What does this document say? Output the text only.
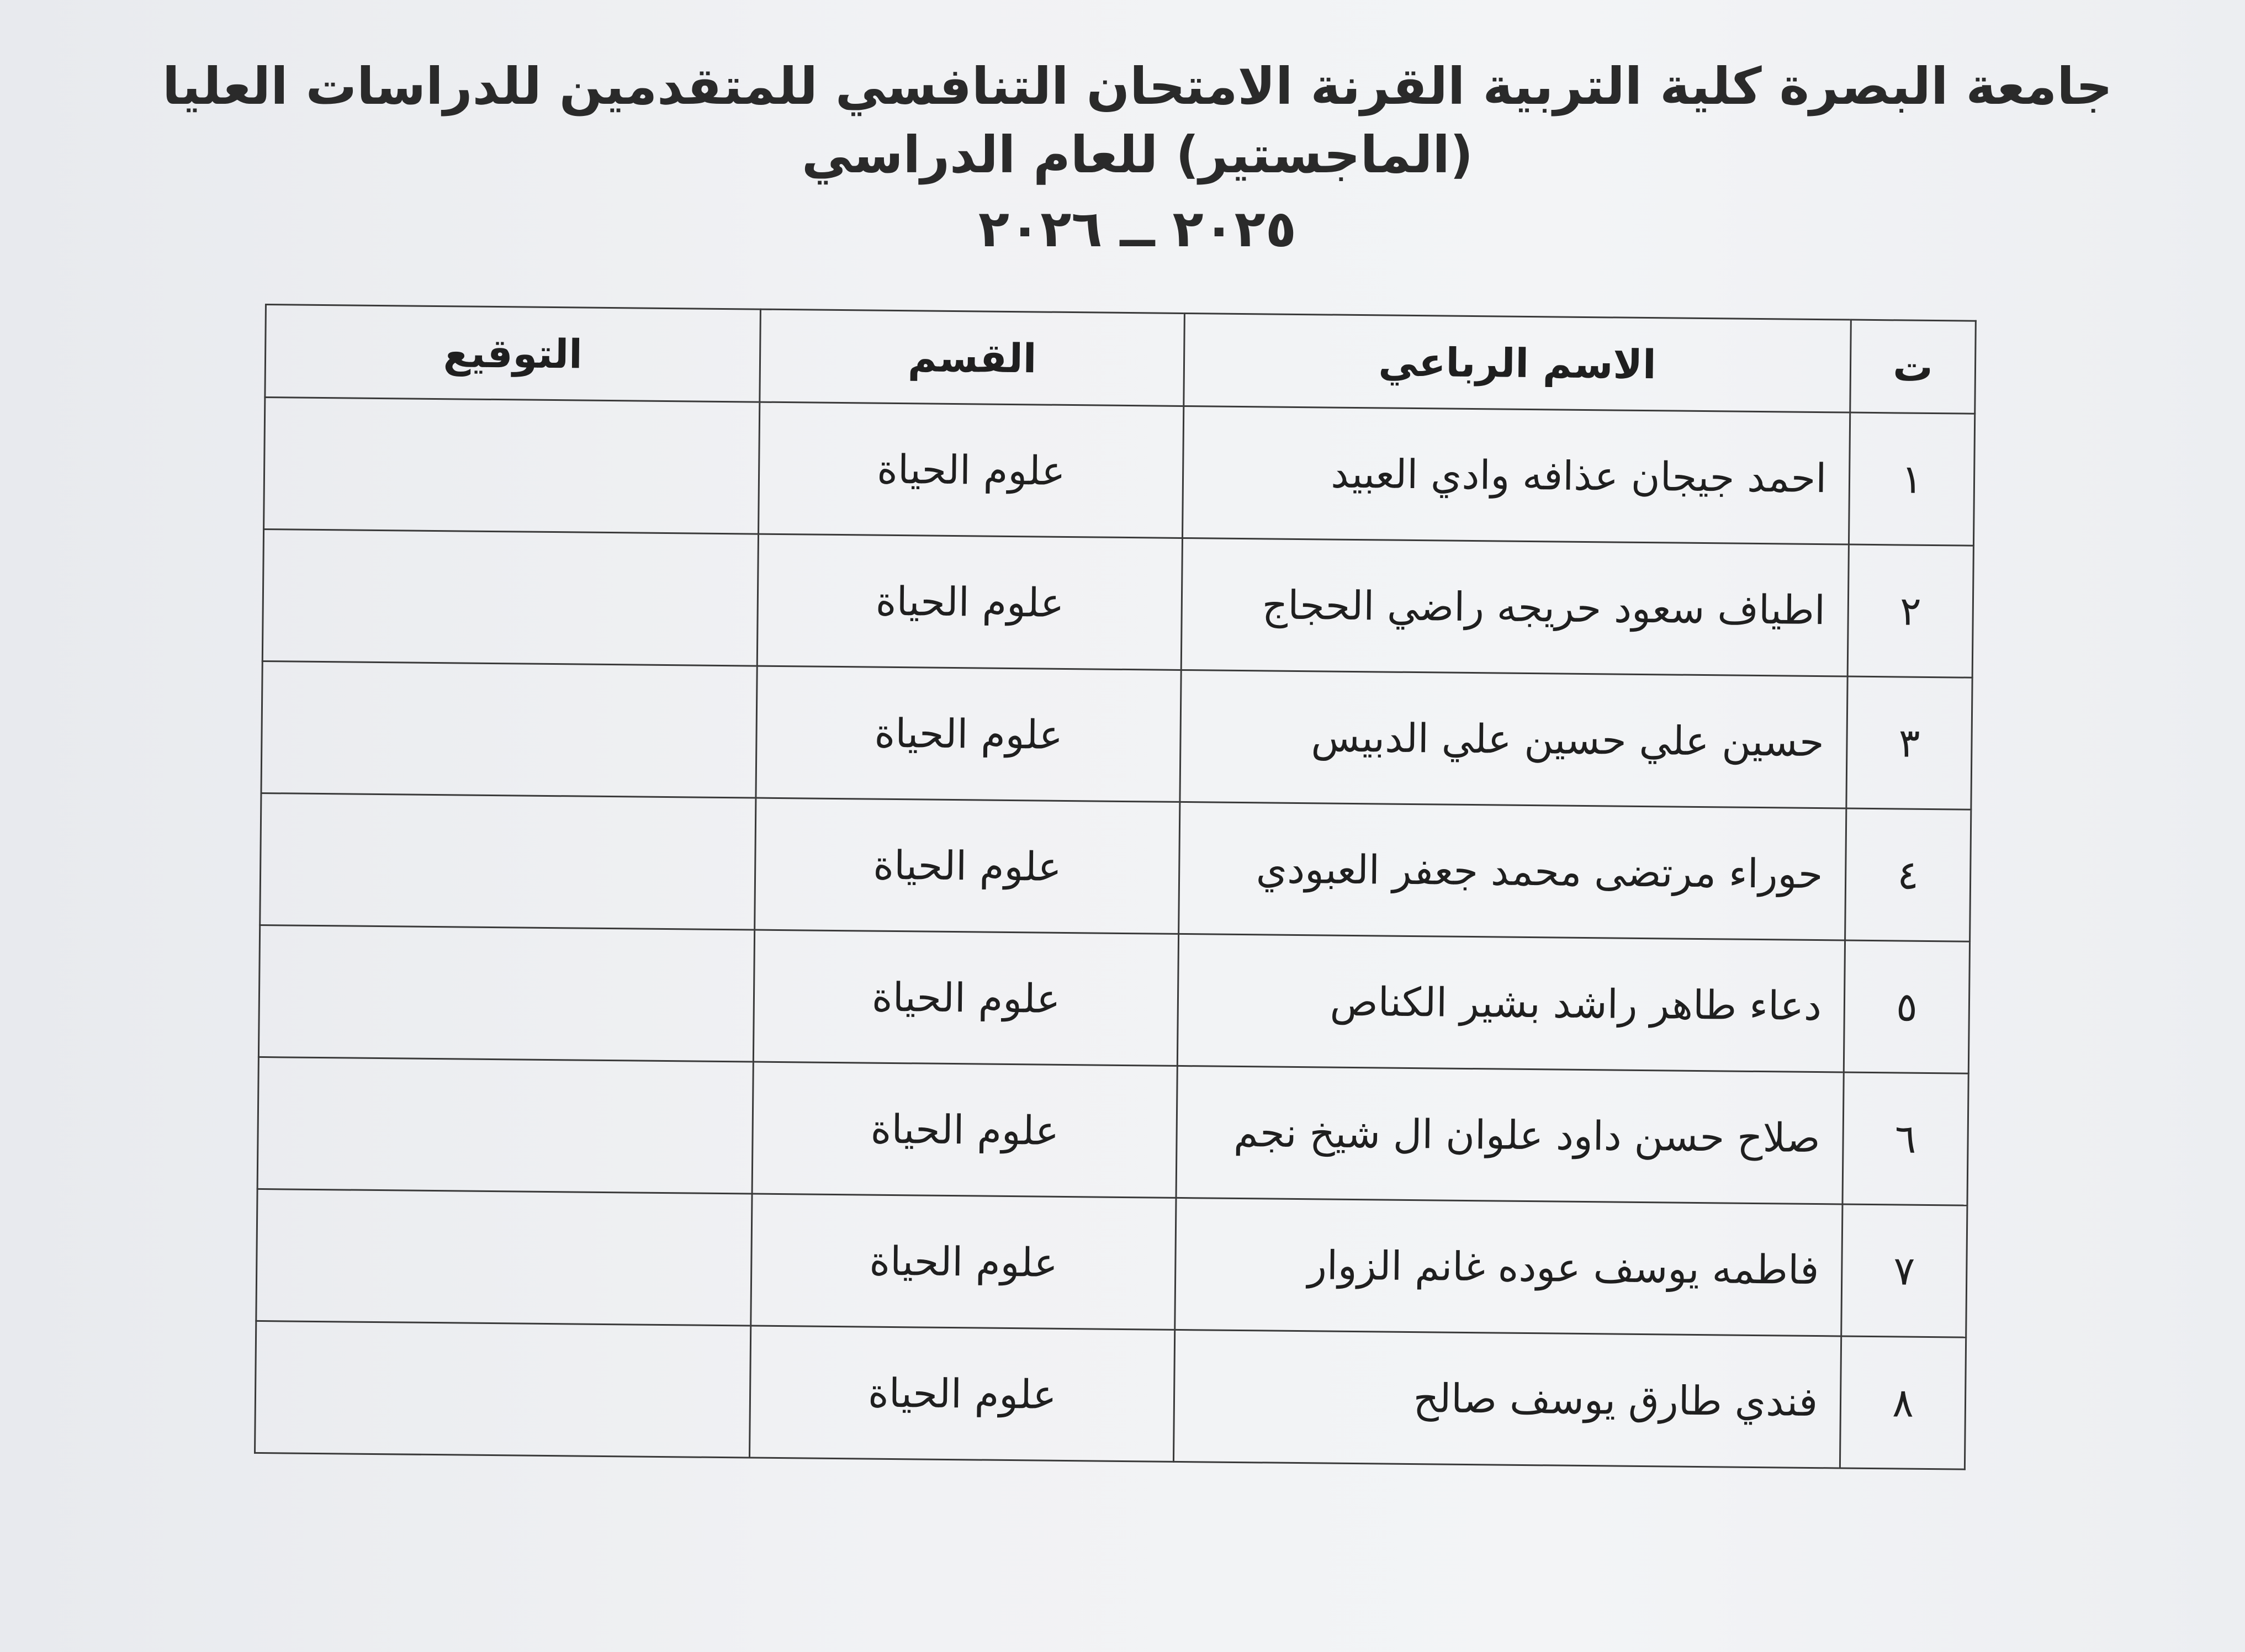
جامعة البصرة كلية التربية القرنة الامتحان التنافسي للمتقدمين للدراسات العليا (الماجستير) للعام الدراسي
٢٠٢٥ ــ ٢٠٢٦
ت	الاسم الرباعي	القسم	التوقيع
١	احمد جيجان عذافه وادي العبيد	علوم الحياة	
٢	اطياف سعود حريجه راضي الحجاج	علوم الحياة	
٣	حسين علي حسين علي الدبيس	علوم الحياة	
٤	حوراء مرتضى محمد جعفر العبودي	علوم الحياة	
٥	دعاء طاهر راشد بشير الكناص	علوم الحياة	
٦	صلاح حسن داود علوان ال شيخ نجم	علوم الحياة	
٧	فاطمه يوسف عوده غانم الزوار	علوم الحياة	
٨	فندي طارق يوسف صالح	علوم الحياة	
